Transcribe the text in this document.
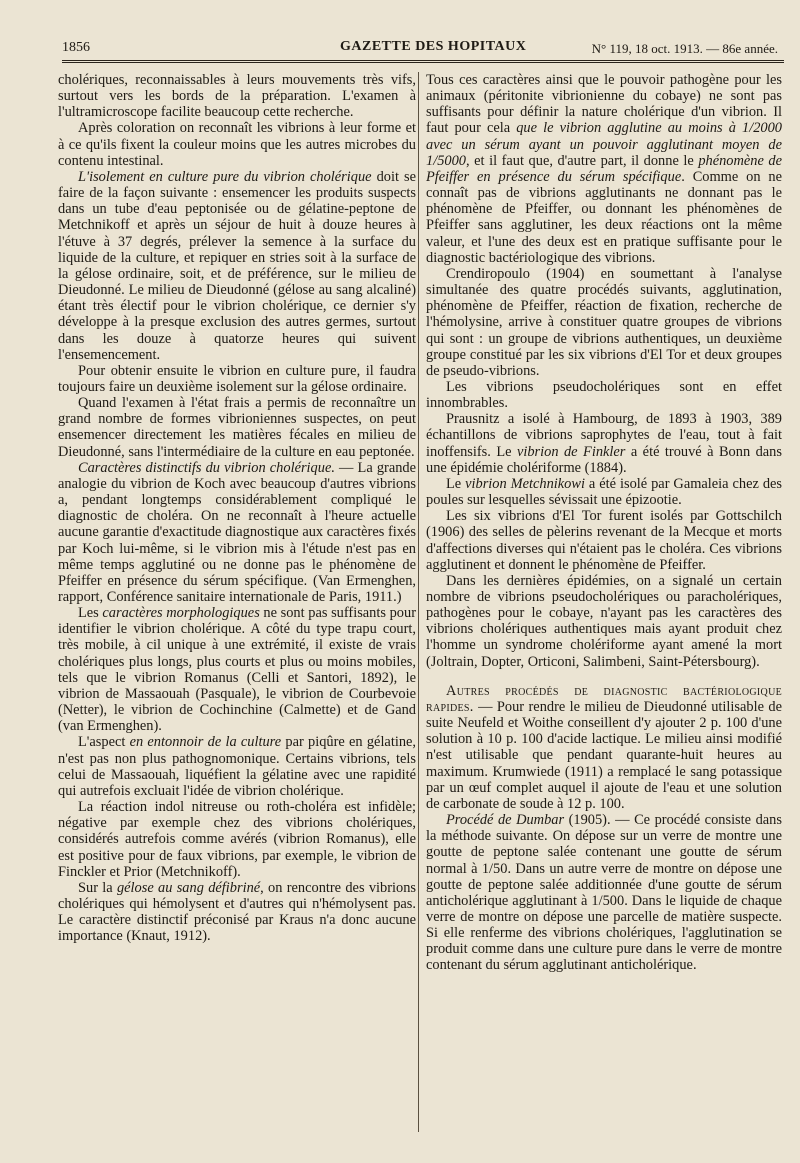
1856	GAZETTE DES HOPITAUX	N° 119, 18 oct. 1913. — 86e année.

cholériques, reconnaissables à leurs mouvements très vifs, surtout vers les bords de la préparation. L'examen à l'ultramicroscope facilite beaucoup cette recherche.

Après coloration on reconnaît les vibrions à leur forme et à ce qu'ils fixent la couleur moins que les autres microbes du contenu intestinal.

L'isolement en culture pure du vibrion cholérique doit se faire de la façon suivante : ensemencer les produits suspects dans un tube d'eau peptonisée ou de gélatine-peptone de Metchnikoff et après un séjour de huit à douze heures à l'étuve à 37 degrés, prélever la semence à la surface du liquide de la culture, et repiquer en stries soit à la surface de la gélose ordinaire, soit, et de préférence, sur le milieu de Dieudonné. Le milieu de Dieudonné (gélose au sang alcaliné) étant très électif pour le vibrion cholérique, ce dernier s'y développe à la presque exclusion des autres germes, surtout dans les douze à quatorze heures qui suivent l'ensemencement.

Pour obtenir ensuite le vibrion en culture pure, il faudra toujours faire un deuxième isolement sur la gélose ordinaire.

Quand l'examen à l'état frais a permis de reconnaître un grand nombre de formes vibrioniennes suspectes, on peut ensemencer directement les matières fécales en milieu de Dieudonné, sans l'intermédiaire de la culture en eau peptonée.

Caractères distinctifs du vibrion cholérique. — La grande analogie du vibrion de Koch avec beaucoup d'autres vibrions a, pendant longtemps considérablement compliqué le diagnostic de choléra. On ne reconnaît à l'heure actuelle aucune garantie d'exactitude diagnostique aux caractères fixés par Koch lui-même, si le vibrion mis à l'étude n'est pas en même temps agglutiné ou ne donne pas le phénomène de Pfeiffer en présence du sérum spécifique. (Van Ermenghen, rapport, Conférence sanitaire internationale de Paris, 1911.)

Les caractères morphologiques ne sont pas suffisants pour identifier le vibrion cholérique. A côté du type trapu court, très mobile, à cil unique à une extrémité, il existe de vrais cholériques plus longs, plus courts et plus ou moins mobiles, tels que le vibrion Romanus (Celli et Santori, 1892), le vibrion de Massaouah (Pasquale), le vibrion de Courbevoie (Netter), le vibrion de Cochinchine (Calmette) et de Gand (van Ermenghen).

L'aspect en entonnoir de la culture par piqûre en gélatine, n'est pas non plus pathognomonique. Certains vibrions, tels celui de Massaouah, liquéfient la gélatine avec une rapidité qui autrefois excluait l'idée de vibrion cholérique.

La réaction indol nitreuse ou roth-choléra est infidèle; négative par exemple chez des vibrions cholériques, considérés autrefois comme avérés (vibrion Romanus), elle est positive pour de faux vibrions, par exemple, le vibrion de Finckler et Prior (Metchnikoff).

Sur la gélose au sang défibriné, on rencontre des vibrions cholériques qui hémolysent et d'autres qui n'hémolysent pas. Le caractère distinctif préconisé par Kraus n'a donc aucune importance (Knaut, 1912).

Tous ces caractères ainsi que le pouvoir pathogène pour les animaux (péritonite vibrionienne du cobaye) ne sont pas suffisants pour définir la nature cholérique d'un vibrion. Il faut pour cela que le vibrion agglutine au moins à 1/2000 avec un sérum ayant un pouvoir agglutinant moyen de 1/5000, et il faut que, d'autre part, il donne le phénomène de Pfeiffer en présence du sérum spécifique. Comme on ne connaît pas de vibrions agglutinants ne donnant pas le phénomène de Pfeiffer, ou donnant les phénomènes de Pfeiffer sans agglutiner, les deux réactions ont la même valeur, et l'une des deux est en pratique suffisante pour le diagnostic bactériologique des vibrions.

Crendiropoulo (1904) en soumettant à l'analyse simultanée des quatre procédés suivants, agglutination, phénomène de Pfeiffer, réaction de fixation, recherche de l'hémolysine, arrive à constituer quatre groupes de vibrions qui sont : un groupe de vibrions authentiques, un deuxième groupe constitué par les six vibrions d'El Tor et deux groupes de pseudo-vibrions.

Les vibrions pseudocholériques sont en effet innombrables.

Prausnitz a isolé à Hambourg, de 1893 à 1903, 389 échantillons de vibrions saprophytes de l'eau, tout à fait inoffensifs. Le vibrion de Finkler a été trouvé à Bonn dans une épidémie cholériforme (1884).

Le vibrion Metchnikowi a été isolé par Gamaleia chez des poules sur lesquelles sévissait une épizootie.

Les six vibrions d'El Tor furent isolés par Gottschilch (1906) des selles de pèlerins revenant de la Mecque et morts d'affections diverses qui n'étaient pas le choléra. Ces vibrions agglutinent et donnent le phénomène de Pfeiffer.

Dans les dernières épidémies, on a signalé un certain nombre de vibrions pseudocholériques ou paracholériques, pathogènes pour le cobaye, n'ayant pas les caractères des vibrions cholériques authentiques mais ayant produit chez l'homme un syndrome cholériforme ayant amené la mort (Joltrain, Dopter, Orticoni, Salimbeni, Saint-Pétersbourg).

Autres procédés de diagnostic bactériologique rapides. — Pour rendre le milieu de Dieudonné utilisable de suite Neufeld et Woithe conseillent d'y ajouter 2 p. 100 d'une solution à 10 p. 100 d'acide lactique. Le milieu ainsi modifié n'est utilisable que pendant quarante-huit heures au maximum. Krumwiede (1911) a remplacé le sang potassique par un œuf complet auquel il ajoute de l'eau et une solution de carbonate de soude à 12 p. 100.

Procédé de Dumbar (1905). — Ce procédé consiste dans la méthode suivante. On dépose sur un verre de montre une goutte de peptone salée contenant une goutte de sérum normal à 1/50. Dans un autre verre de montre on dépose une goutte de peptone salée additionnée d'une goutte de sérum anticholérique agglutinant à 1/500. Dans le liquide de chaque verre de montre on dépose une parcelle de matière suspecte. Si elle renferme des vibrions cholériques, l'agglutination se produit comme dans une culture pure dans le verre de montre contenant du sérum agglutinant anticholérique.
